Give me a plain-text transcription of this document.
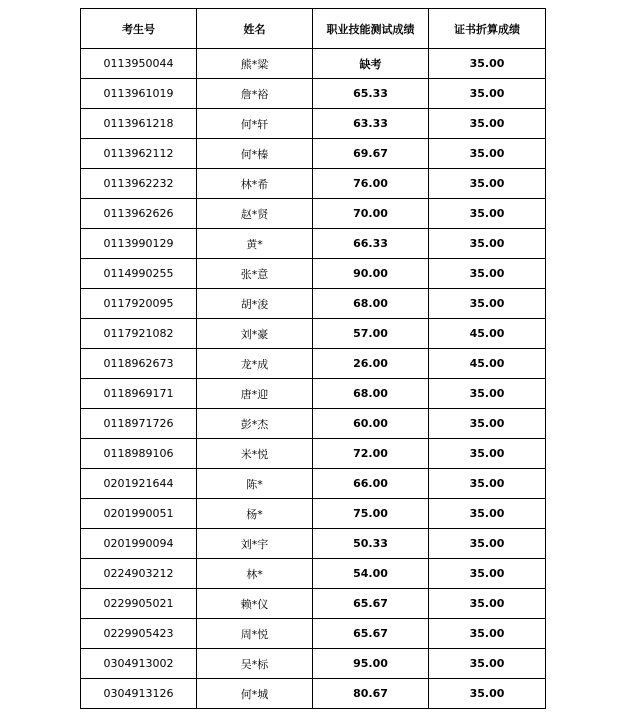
考生号	姓名	职业技能测试成绩	证书折算成绩
0113950044	熊*粱	缺考	35.00
0113961019	詹*裕	65.33	35.00
0113961218	何*轩	63.33	35.00
0113962112	何*榛	69.67	35.00
0113962232	林*希	76.00	35.00
0113962626	赵*贤	70.00	35.00
0113990129	黄*	66.33	35.00
0114990255	张*意	90.00	35.00
0117920095	胡*浚	68.00	35.00
0117921082	刘*豪	57.00	45.00
0118962673	龙*成	26.00	45.00
0118969171	唐*迎	68.00	35.00
0118971726	彭*杰	60.00	35.00
0118989106	米*悦	72.00	35.00
0201921644	陈*	66.00	35.00
0201990051	杨*	75.00	35.00
0201990094	刘*宇	50.33	35.00
0224903212	林*	54.00	35.00
0229905021	赖*仪	65.67	35.00
0229905423	周*悦	65.67	35.00
0304913002	吴*标	95.00	35.00
0304913126	何*城	80.67	35.00
